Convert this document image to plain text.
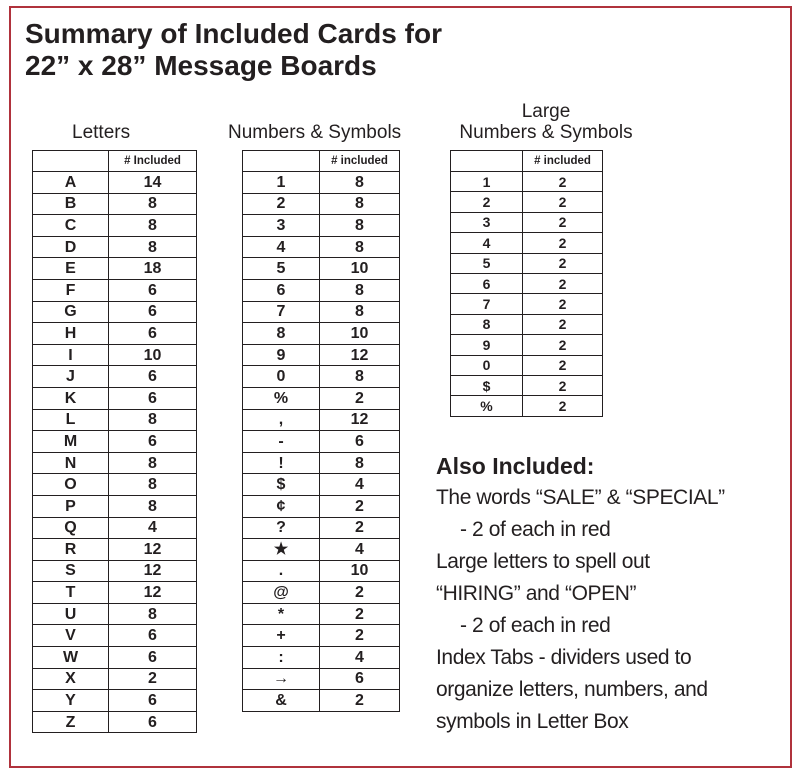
Summary of Included Cards for
22” x 28” Message Boards
Letters	Numbers & Symbols
Large
Numbers & Symbols
	# Included
A	14
B	8
C	8
D	8
E	18
F	6
G	6
H	6
I	10
J	6
K	6
L	8
M	6
N	8
O	8
P	8
Q	4
R	12
S	12
T	12
U	8
V	6
W	6
X	2
Y	6
Z	6
	# included
1	8
2	8
3	8
4	8
5	10
6	8
7	8
8	10
9	12
0	8
%	2
,	12
-	6
!	8
$	4
¢	2
?	2
★	4
.	10
@	2
*	2
+	2
:	4
→	6
&	2
	# included
1	2
2	2
3	2
4	2
5	2
6	2
7	2
8	2
9	2
0	2
$	2
%	2
Also Included:
The words “SALE” & “SPECIAL”
- 2 of each in red
Large letters to spell out
“HIRING” and “OPEN”
- 2 of each in red
Index Tabs - dividers used to
organize letters, numbers, and
symbols in Letter Box
